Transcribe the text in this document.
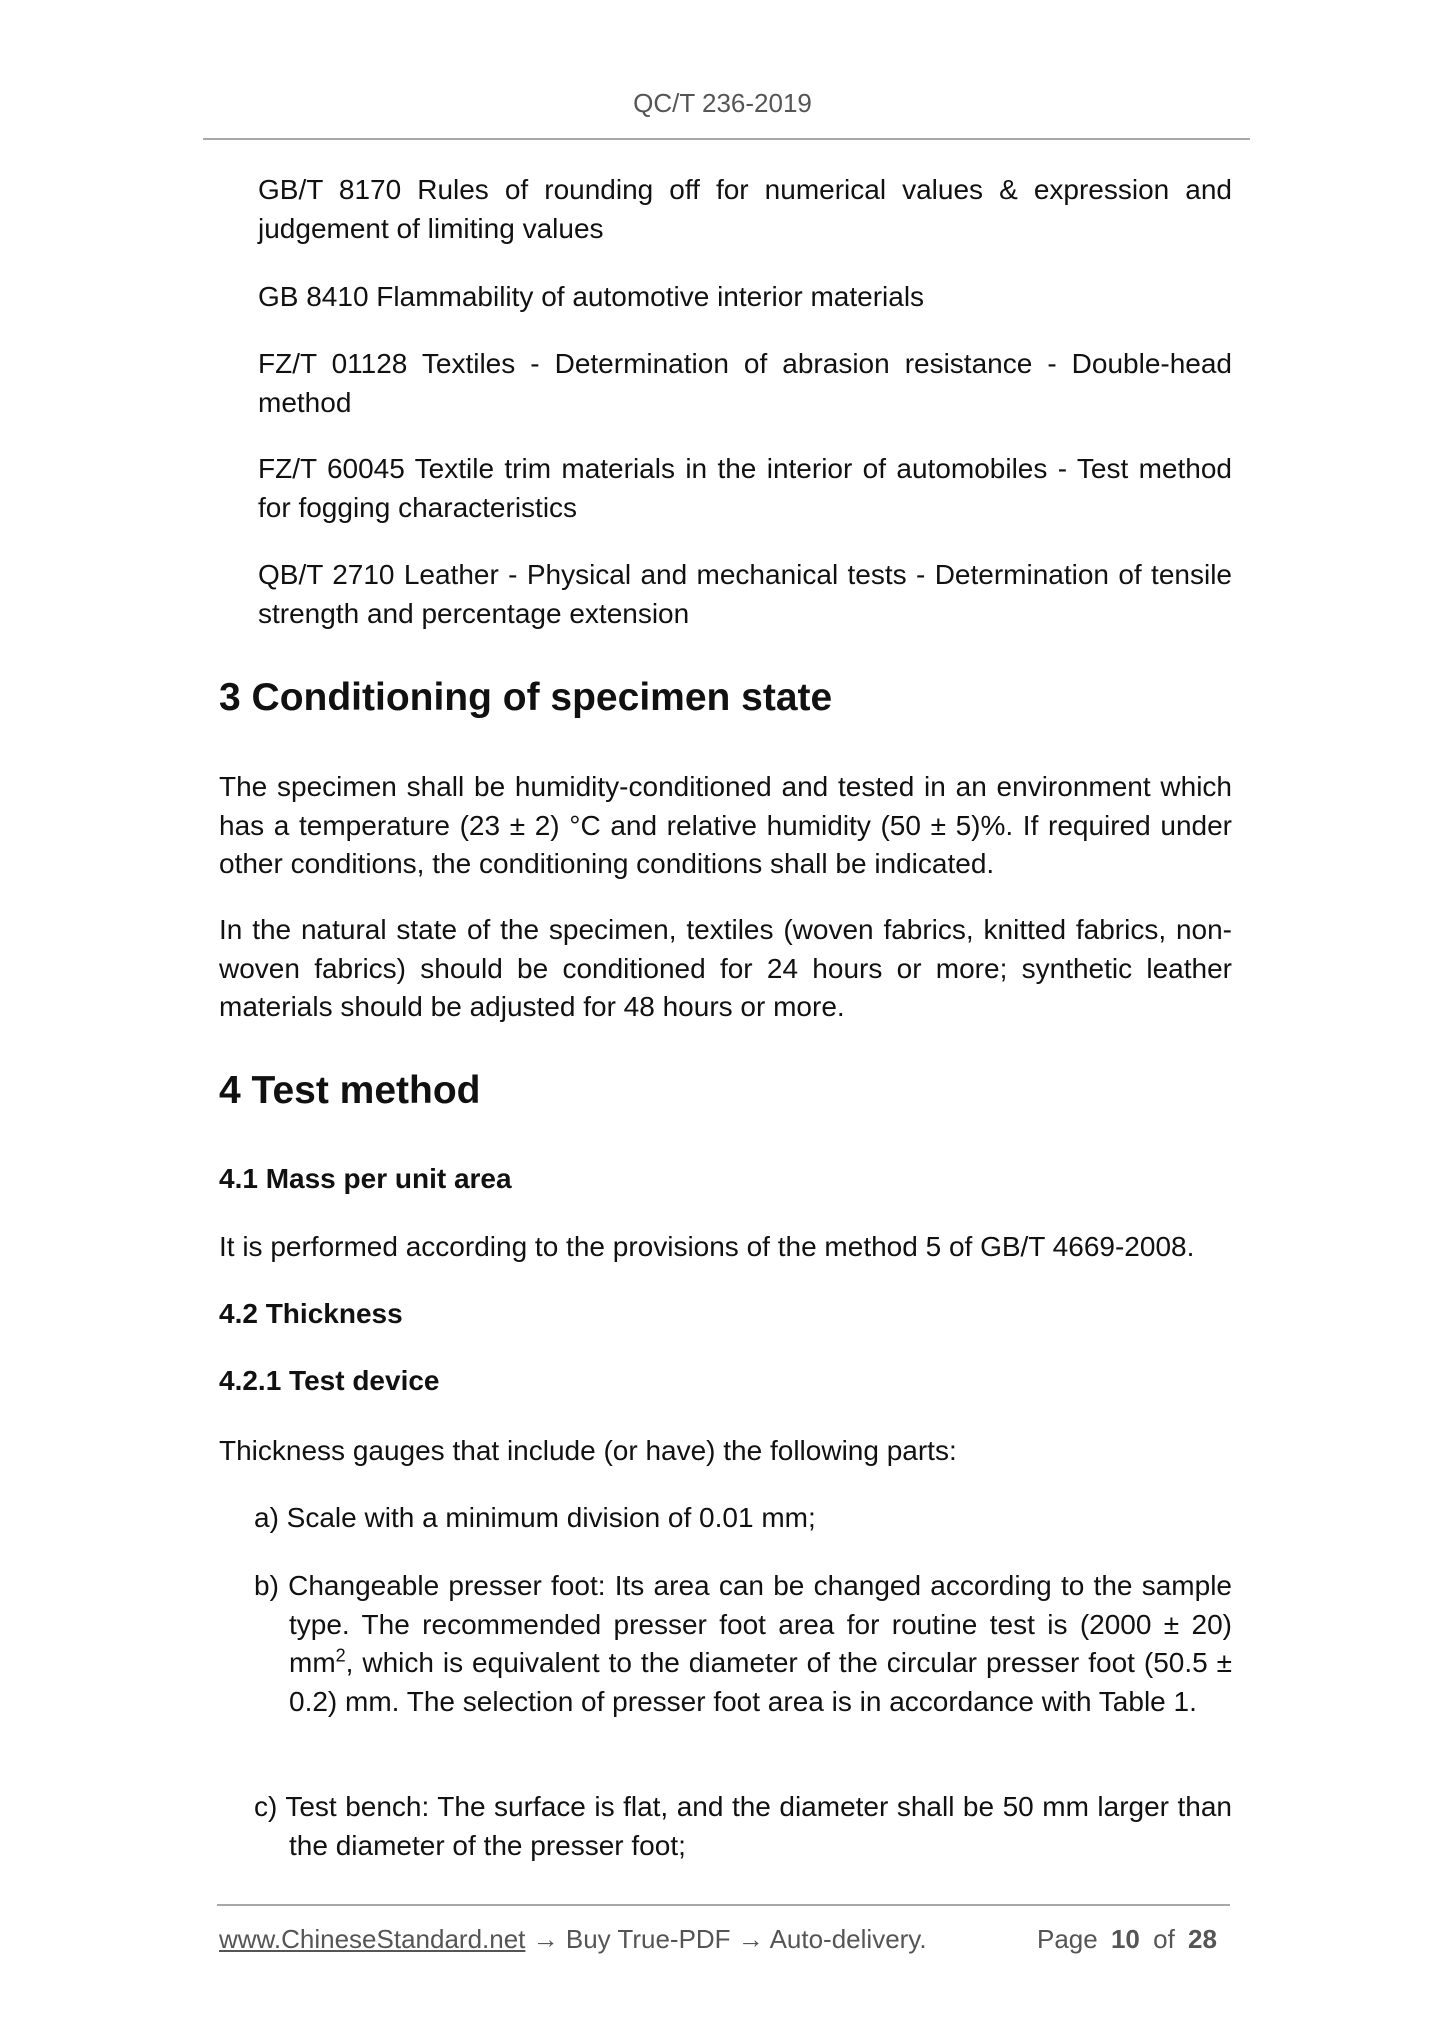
QC/T 236-2019
GB/T 8170 Rules of rounding off for numerical values & expression and judgement of limiting values
GB 8410 Flammability of automotive interior materials
FZ/T 01128 Textiles - Determination of abrasion resistance - Double-head method
FZ/T 60045 Textile trim materials in the interior of automobiles - Test method for fogging characteristics
QB/T 2710 Leather - Physical and mechanical tests - Determination of tensile strength and percentage extension
3 Conditioning of specimen state
The specimen shall be humidity-conditioned and tested in an environment which has a temperature (23 ± 2) °C and relative humidity (50 ± 5)%. If required under other conditions, the conditioning conditions shall be indicated.
In the natural state of the specimen, textiles (woven fabrics, knitted fabrics, non-woven fabrics) should be conditioned for 24 hours or more; synthetic leather materials should be adjusted for 48 hours or more.
4 Test method
4.1 Mass per unit area
It is performed according to the provisions of the method 5 of GB/T 4669-2008.
4.2 Thickness
4.2.1 Test device
Thickness gauges that include (or have) the following parts:
a) Scale with a minimum division of 0.01 mm;
b) Changeable presser foot: Its area can be changed according to the sample type. The recommended presser foot area for routine test is (2000 ± 20) $mm^2$, which is equivalent to the diameter of the circular presser foot (50.5 ± 0.2) mm. The selection of presser foot area is in accordance with Table 1.
c) Test bench: The surface is flat, and the diameter shall be 50 mm larger than the diameter of the presser foot;
www.ChineseStandard.net → Buy True-PDF → Auto-delivery.	Page 10 of 28
